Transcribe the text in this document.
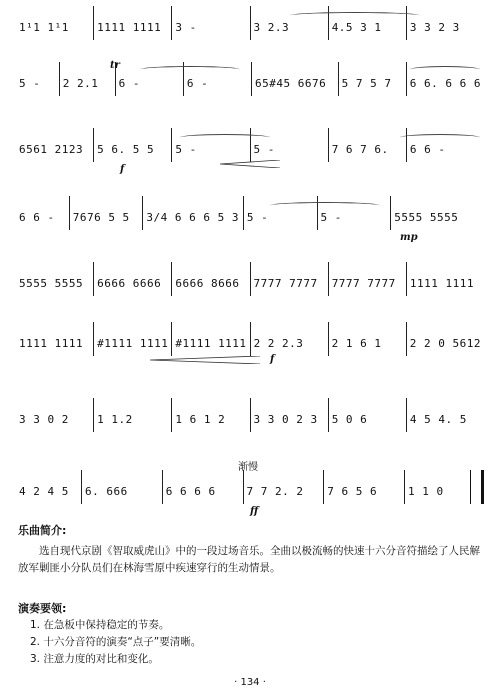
1¹1 1¹1	1111 1111 3 -	3 2.3	4.5 3 1	3 3 2 3
5 - 2 2.1 6 -	6 -	65#45 6676 5 7 5 7 6 6. 6 6 6
tr
6561 2123 5 6. 5 5 5 -	5 -	7 6 7 6. 6 6 -
f
6 6 - 7676 5 5 3/4 6 6 6 5 3 5 -	5 -	5555 5555
mp
5555 5555 6666 6666 6666 8666 7777 7777 7777 7777 1111 1111
1111 1111 #1111 1111 #1111 1111 2 2 2.3	2 1 6 1	2 2 0 5612
f
3 3 0 2	1 1.2	1 6 1 2	3 3 0 2 3 5 0 6	4 5 4. 5
渐慢
4 2 4 5 6. 666	6 6 6 6	7 7 2. 2 7 6 5 6	1 1 0
ff
乐曲简介:
选自现代京剧《智取威虎山》中的一段过场音乐。全曲以极流畅的快速十六分音符描绘了人民解放军剿匪小分队员们在林海雪原中疾速穿行的生动情景。
演奏要领:
1. 在急板中保持稳定的节奏。
2. 十六分音符的演奏“点子”要清晰。
3. 注意力度的对比和变化。
· 134 ·
